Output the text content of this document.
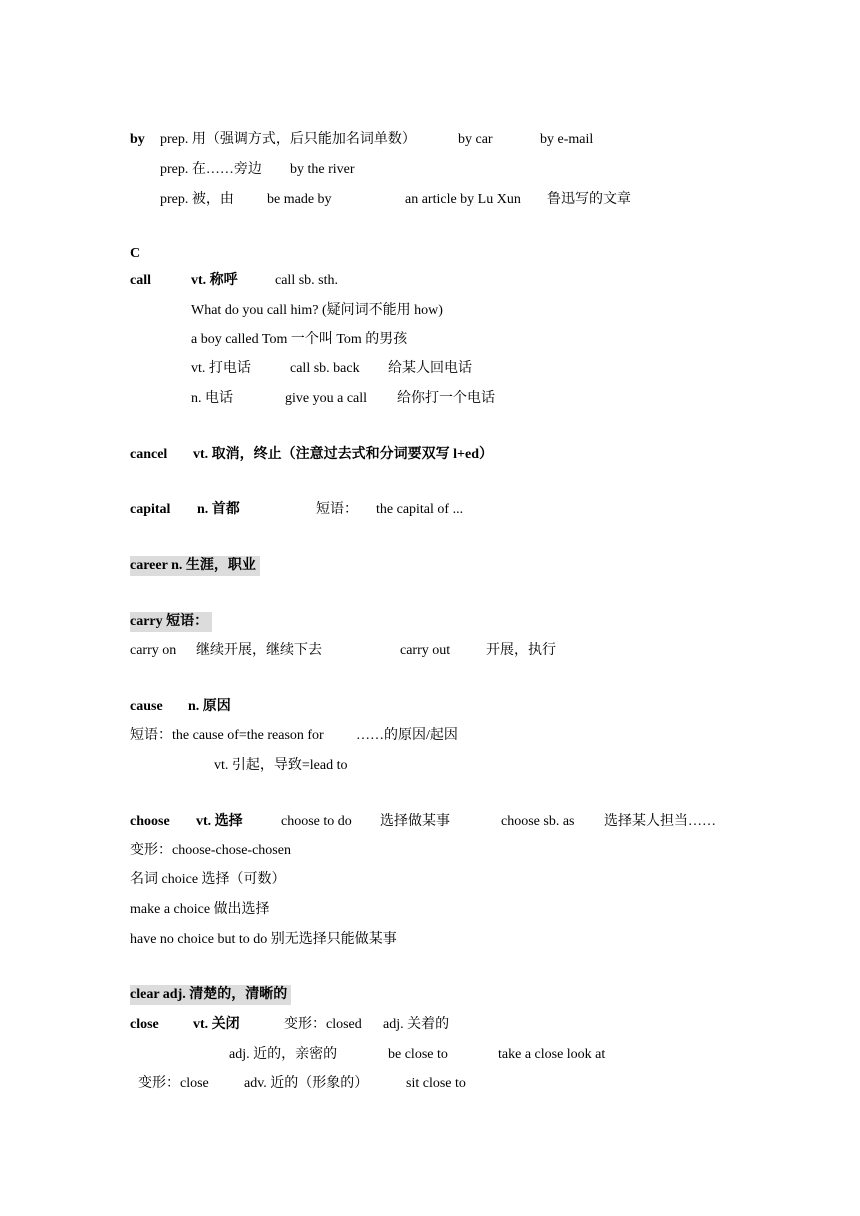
by prep. 用（强调方式，后只能加名词单数）	by car	by e-mail
prep. 在……旁边 by the river
prep. 被，由 be made by	an article by Lu Xun 鲁迅写的文章
C
call	vt. 称呼	call sb. sth.
What do you call him? (疑问词不能用 how)
a boy called Tom 一个叫 Tom 的男孩
vt. 打电话	call sb. back 给某人回电话
n. 电话	give you a call 给你打一个电话
cancel vt. 取消，终止（注意过去式和分词要双写 l+ed）
capital n. 首都	短语： the capital of ...
career n. 生涯，职业
carry 短语：
carry on 继续开展，继续下去	carry out	开展，执行
cause n. 原因
短语：the cause of=the reason for ……的原因/起因
vt. 引起，导致=lead to
choose vt. 选择	choose to do 选择做某事	choose sb. as 选择某人担当……
变形：choose-chose-chosen
名词 choice 选择（可数）
make a choice 做出选择
have no choice but to do 别无选择只能做某事
clear adj. 清楚的，清晰的
close vt. 关闭	变形：closed adj. 关着的
adj. 近的，亲密的	be close to	take a close look at
变形：close	adv. 近的（形象的）	sit close to
